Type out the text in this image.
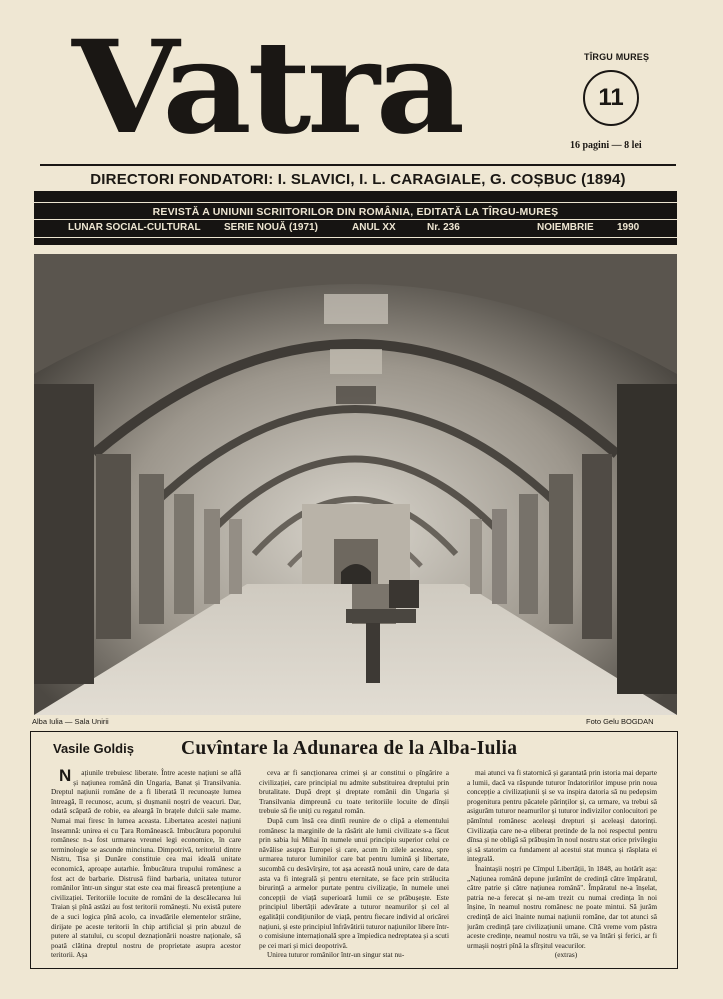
Vatra	TÎRGU MUREȘ
11
16 pagini — 8 lei
DIRECTORI FONDATORI: I. SLAVICI, I. L. CARAGIALE, G. COȘBUC (1894)
REVISTĂ A UNIUNII SCRIITORILOR DIN ROMÂNIA, EDITATĂ LA TÎRGU-MUREȘ
LUNAR SOCIAL-CULTURAL SERIE NOUĂ (1971)	ANUL XX	Nr. 236	NOIEMBRIE 1990
Alba Iulia — Sala Unirii	Foto Gelu BOGDAN
Vasile Goldiș Cuvîntare la Adunarea de la Alba-Iulia

N ațiunile trebuiesc liberate. Între aceste națiuni se află și națiunea română din Ungaria, Banat și Transilvania. Dreptul națiunii române de a fi liberată îl recunoaște lumea întreagă, îl recunosc, acum, și dușmanii noștri de veacuri. Dar, odată scăpată de robie, ea aleargă în brațele dulcii sale mame. Numai mai firesc în lumea aceasta. Libertatea acestei națiuni înseamnă: unirea ei cu Țara Românească. Imbucătura poporului românesc n-a fost urmarea vreunei legi economice, în care terminologie se ascunde minciuna. Dimpotrivă, teritoriul dintre Nistru, Tisa și Dunăre constituie cea mai ideală unitate economică, aproape autarhie. Îmbucătura trupului românesc a fost act de barbarie. Distrusă fiind barbaria, unitatea tuturor românilor într-un singur stat este cea mai firească pretențiune a civilizației. Teritoriile locuite de români de la descălecarea lui Traian și pînă astăzi au fost teritorii românești. Nu există putere de a suci logica pînă acolo, ca invadările elementelor străine, dirijate pe aceste teritorii în chip artificial și prin abuzul de putere al statului, cu scopul deznaționării noastre naționale, să poată clătina dreptul nostru de proprietate asupra acestor teritorii. Așa

ceva ar fi sancționarea crimei și ar constitui o pîngărire a civilizației, care principial nu admite substituirea dreptului prin brutalitate. După drept și dreptate românii din Ungaria și Transilvania dimpreună cu toate teritoriile locuite de dînșii trebuie să fie uniți cu regatul român.

După cum însă cea dintîi reunire de o clipă a elementului românesc la marginile de la răsărit ale lumii civilizate s-a făcut prin sabia lui Mihai în numele unui principiu superior celui ce năvălise asupra Europei și care, acum în zilele acestea, spre urmarea tuturor luminilor care bat pentru lumină și libertate, sucombă cu desăvîrșire, tot așa această nouă unire, care de data asta va fi integrală și pentru eternitate, se face prin strălucita birurință a armelor purtate pentru civilizație, în numele unei concepții de viață superioară lumii ce se prăbușește. Este principiul libertății adevărate a tuturor neamurilor și cel al egalității condițiunilor de viață, pentru fiecare individ al oricărei națiuni, și este principiul înfrăvătirii tuturor națiunilor libere într-o comisiune internațională spre a împiedica nedreptatea și a scuti pe cei mari și mici deopotrivă.

Unirea tuturor românilor într-un singur stat nu-

mai atunci va fi statornică și garantată prin istoria mai departe a lumii, dacă va răspunde tuturor îndatoririlor impuse prin noua concepție a civilizațiunii și se va inspira datoria să nu pedepsim progenitura pentru păcatele părinților și, ca urmare, va trebui să asigurăm tuturor neamurilor și tuturor indivizilor conlocuitori pe pămîntul românesc aceleași drepturi și aceleași datorinți. Civilizația care ne-a eliberat pretinde de la noi respectul pentru dînsa și ne obligă să prăbușim în noul nostru stat orice privilegiu și să statorim ca fundament al acestui stat munca și răsplata ei integrală.

Înaintașii noștri pe Cîmpul Libertății, în 1848, au hotărît așa: „Națiunea română depune jurămînt de credință către împăratul, către patrie și către națiunea română". Împăratul ne-a înșelat, patria ne-a ferecat și ne-am trezit cu numai credința în noi înșine, în neamul nostru românesc ne poate mintui. Să jurăm credință de aici înainte numai națiunii române, dar tot atunci să jurăm credință țare civilizațiunii umane. Cîtă vreme vom păstra aceste credințe, neamul nostru va trăi, se va întări și ferici, ar fi urmașii noștri pînă la sfîrșitul veacurilor.

(extras)
